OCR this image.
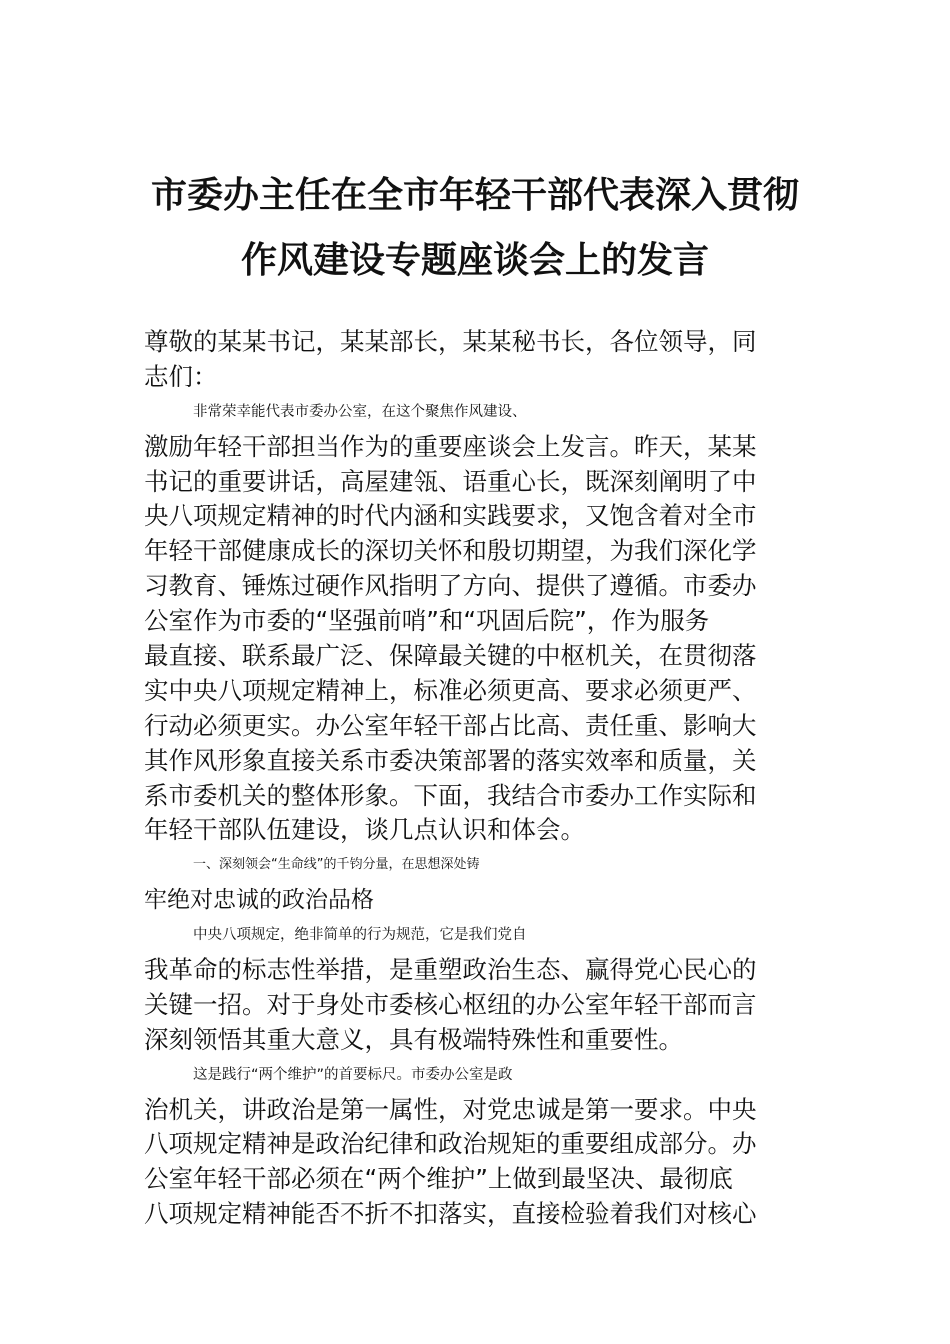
市委办主任在全市年轻干部代表深入贯彻
作风建设专题座谈会上的发言
尊敬的某某书记，某某部长，某某秘书长，各位领导，同
志们：
非常荣幸能代表市委办公室，在这个聚焦作风建设、
激励年轻干部担当作为的重要座谈会上发言。昨天，某某
书记的重要讲话，高屋建瓴、语重心长，既深刻阐明了中
央八项规定精神的时代内涵和实践要求，又饱含着对全市
年轻干部健康成长的深切关怀和殷切期望，为我们深化学
习教育、锤炼过硬作风指明了方向、提供了遵循。市委办
公室作为市委的“坚强前哨”和“巩固后院”，作为服务
最直接、联系最广泛、保障最关键的中枢机关，在贯彻落
实中央八项规定精神上，标准必须更高、要求必须更严、
行动必须更实。办公室年轻干部占比高、责任重、影响大
其作风形象直接关系市委决策部署的落实效率和质量，关
系市委机关的整体形象。下面，我结合市委办工作实际和
年轻干部队伍建设，谈几点认识和体会。
一、深刻领会“生命线”的千钧分量，在思想深处铸
牢绝对忠诚的政治品格
中央八项规定，绝非简单的行为规范，它是我们党自
我革命的标志性举措，是重塑政治生态、赢得党心民心的
关键一招。对于身处市委核心枢纽的办公室年轻干部而言
深刻领悟其重大意义，具有极端特殊性和重要性。
这是践行“两个维护”的首要标尺。市委办公室是政
治机关，讲政治是第一属性，对党忠诚是第一要求。中央
八项规定精神是政治纪律和政治规矩的重要组成部分。办
公室年轻干部必须在“两个维护”上做到最坚决、最彻底
八项规定精神能否不折不扣落实，直接检验着我们对核心
